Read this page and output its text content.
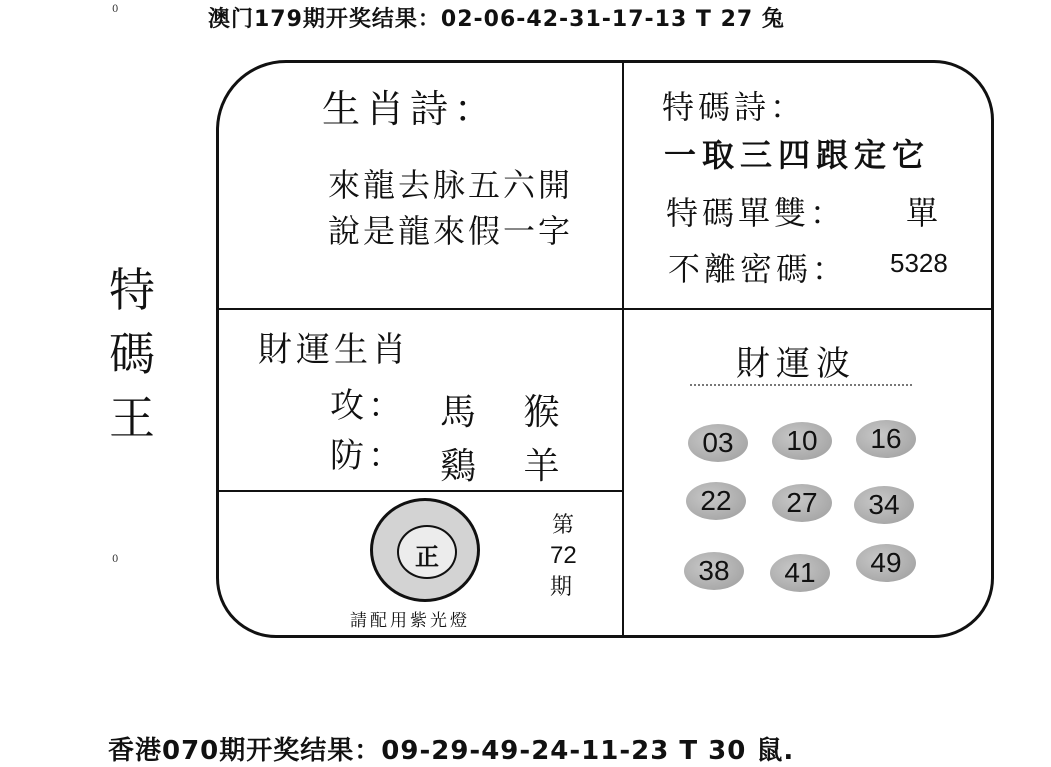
澳门179期开奖结果：02-06-42-31-17-13 T 27 兔
0
0
特
碼
王
生肖詩：
來龍去脉五六開
說是龍來假一字
特碼詩：
一取三四跟定它
特碼單雙： 單
不離密碼： 5328
財運生肖
攻： 馬 猴
防： 鷄 羊
正
第
72
期
請配用紫光燈
財運波
03	10	16
22	27	34
38	41	49
香港070期开奖结果：09-29-49-24-11-23 T 30 鼠.
